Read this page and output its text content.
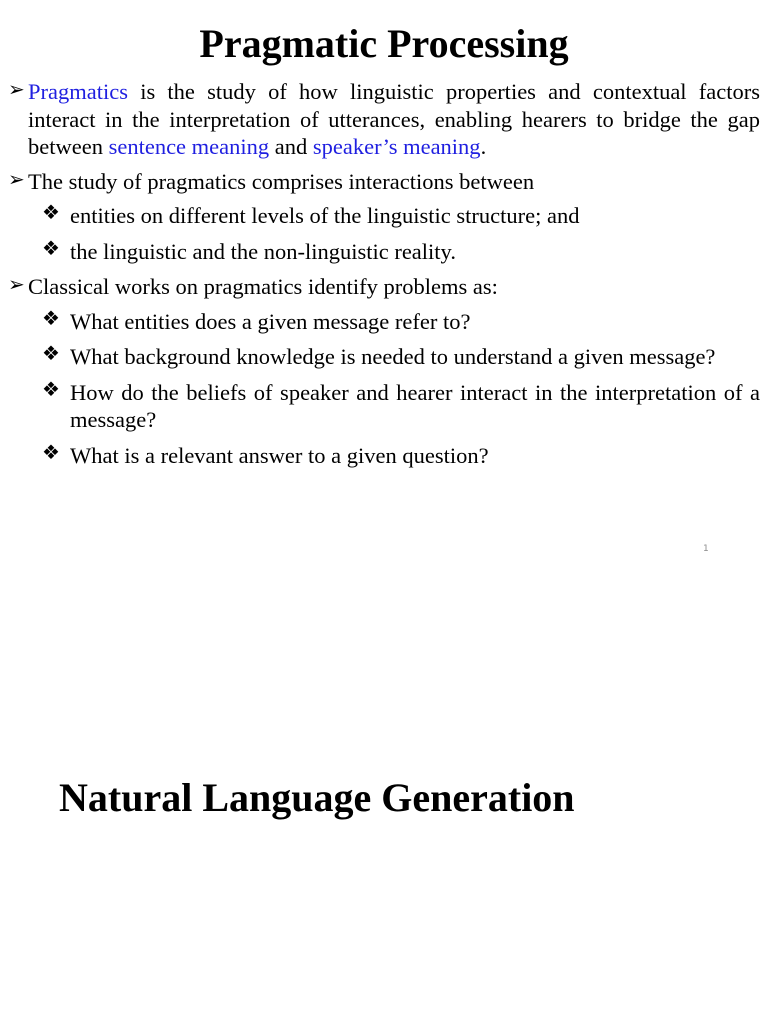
Pragmatic Processing
➢ Pragmatics is the study of how linguistic properties and contextual factors interact in the interpretation of utterances, enabling hearers to bridge the gap between sentence meaning and speaker’s meaning.
➢ The study of pragmatics comprises interactions between
❖ entities on different levels of the linguistic structure; and
❖ the linguistic and the non-linguistic reality.
➢ Classical works on pragmatics identify problems as:
❖ What entities does a given message refer to?
❖ What background knowledge is needed to understand a given message?
❖ How do the beliefs of speaker and hearer interact in the interpretation of a message?
❖ What is a relevant answer to a given question?
1
Natural Language Generation
